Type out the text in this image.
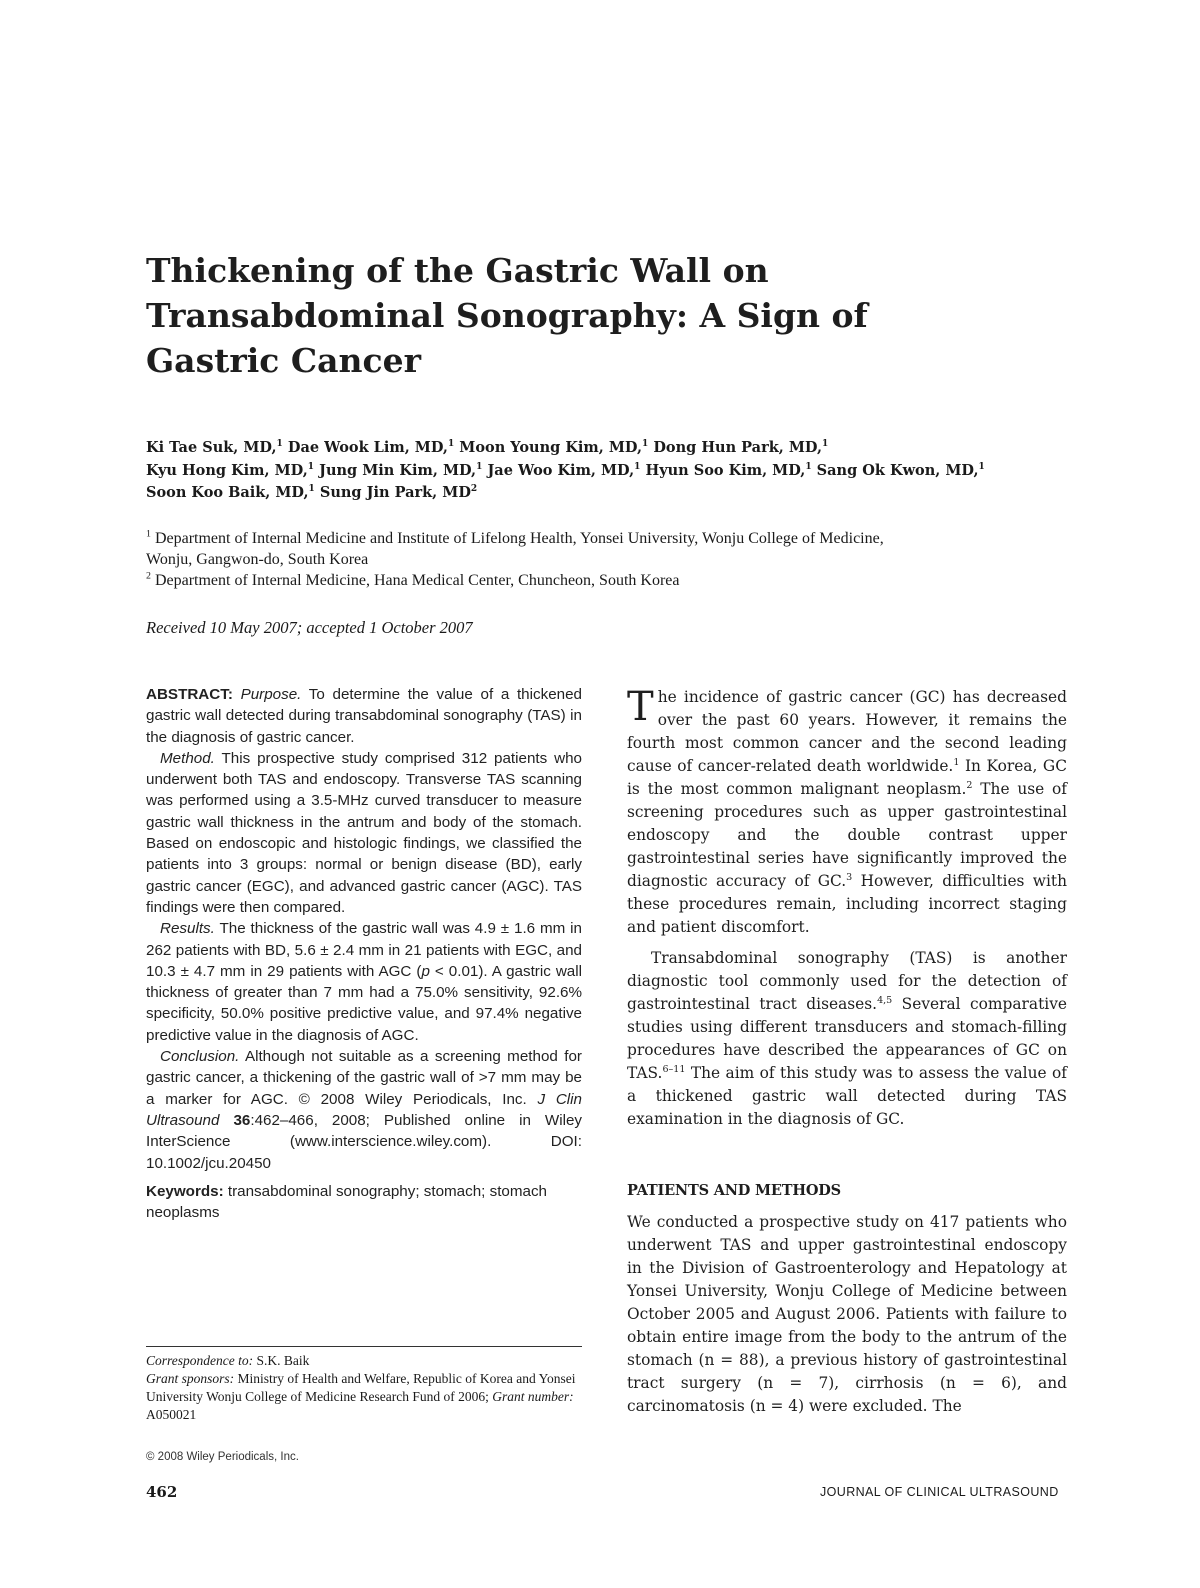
Thickening of the Gastric Wall on
Transabdominal Sonography: A Sign of
Gastric Cancer
Ki Tae Suk, MD,$^1$ Dae Wook Lim, MD,$^1$ Moon Young Kim, MD,$^1$ Dong Hun Park, MD,$^1$
Kyu Hong Kim, MD,$^1$ Jung Min Kim, MD,$^1$ Jae Woo Kim, MD,$^1$ Hyun Soo Kim, MD,$^1$ Sang Ok Kwon, MD,$^1$
Soon Koo Baik, MD,$^1$ Sung Jin Park, $MD^2$
$^1$ Department of Internal Medicine and Institute of Lifelong Health, Yonsei University, Wonju College of Medicine,
Wonju, Gangwon-do, South Korea
$^2$ Department of Internal Medicine, Hana Medical Center, Chuncheon, South Korea
Received 10 May 2007; accepted 1 October 2007

ABSTRACT: Purpose. To determine the value of a thickened gastric wall detected during transabdominal sonography (TAS) in the diagnosis of gastric cancer.

Method. This prospective study comprised 312 patients who underwent both TAS and endoscopy. Transverse TAS scanning was performed using a 3.5-MHz curved transducer to measure gastric wall thickness in the antrum and body of the stomach. Based on endoscopic and histologic findings, we classified the patients into 3 groups: normal or benign disease (BD), early gastric cancer (EGC), and advanced gastric cancer (AGC). TAS findings were then compared.

Results. The thickness of the gastric wall was 4.9 ± 1.6 mm in 262 patients with BD, 5.6 ± 2.4 mm in 21 patients with EGC, and 10.3 ± 4.7 mm in 29 patients with AGC (p < 0.01). A gastric wall thickness of greater than 7 mm had a 75.0% sensitivity, 92.6% specificity, 50.0% positive predictive value, and 97.4% negative predictive value in the diagnosis of AGC.

Conclusion. Although not suitable as a screening method for gastric cancer, a thickening of the gastric wall of >7 mm may be a marker for AGC. © 2008 Wiley Periodicals, Inc. J Clin Ultrasound 36:462–466, 2008; Published online in Wiley InterScience (www.interscience.wiley.com). DOI: 10.1002/jcu.20450

Keywords: transabdominal sonography; stomach; stomach neoplasms

Correspondence to: S.K. Baik

Grant sponsors: Ministry of Health and Welfare, Republic of Korea and Yonsei University Wonju College of Medicine Research Fund of 2006; Grant number: A050021

© 2008 Wiley Periodicals, Inc.
462	JOURNAL OF CLINICAL ULTRASOUND

The incidence of gastric cancer (GC) has decreased over the past 60 years. However, it remains the fourth most common cancer and the second leading cause of cancer-related death worldwide.$^1$ In Korea, GC is the most common malignant neoplasm.$^2$ The use of screening procedures such as upper gastrointestinal endoscopy and the double contrast upper gastrointestinal series have significantly improved the diagnostic accuracy of GC.$^3$ However, difficulties with these procedures remain, including incorrect staging and patient discomfort.

Transabdominal sonography (TAS) is another diagnostic tool commonly used for the detection of gastrointestinal tract diseases.$^{4,5}$ Several comparative studies using different transducers and stomach-filling procedures have described the appearances of GC on TAS.$^{6-11}$ The aim of this study was to assess the value of a thickened gastric wall detected during TAS examination in the diagnosis of GC.

PATIENTS AND METHODS

We conducted a prospective study on 417 patients who underwent TAS and upper gastrointestinal endoscopy in the Division of Gastroenterology and Hepatology at Yonsei University, Wonju College of Medicine between October 2005 and August 2006. Patients with failure to obtain entire image from the body to the antrum of the stomach (n = 88), a previous history of gastrointestinal tract surgery (n = 7), cirrhosis (n = 6), and carcinomatosis (n = 4) were excluded. The
